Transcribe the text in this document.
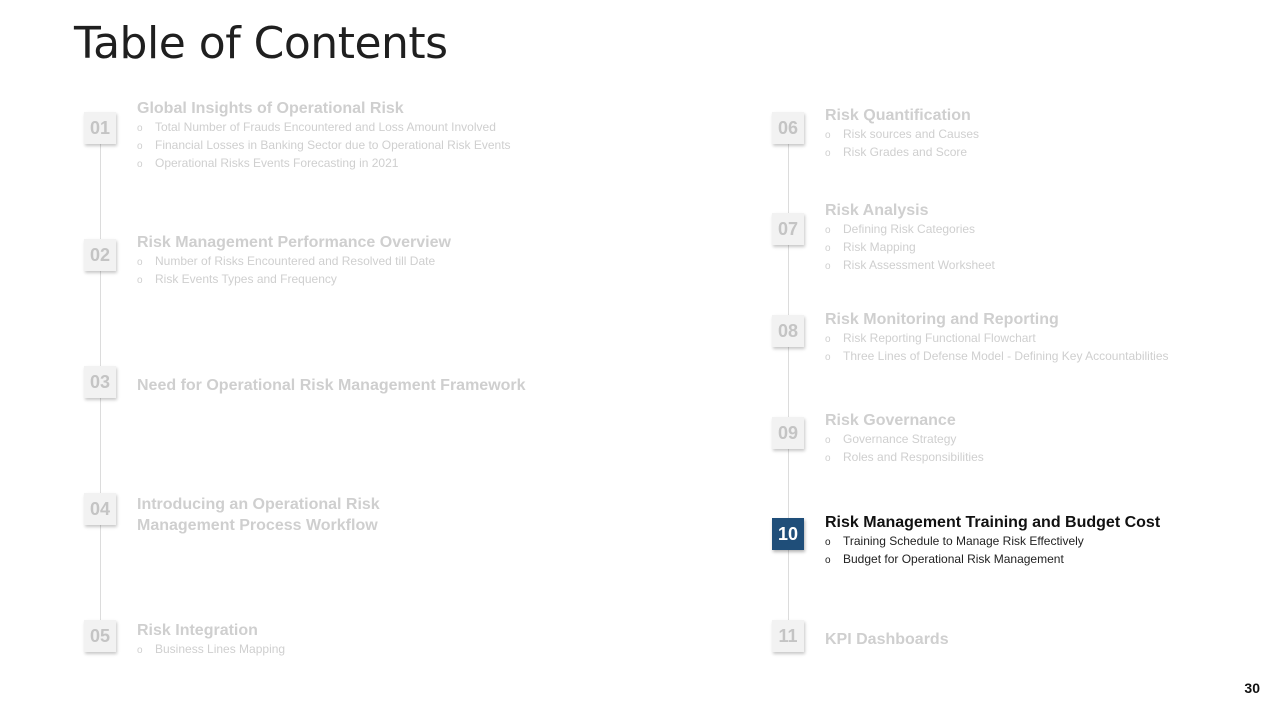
Table of Contents
01
Global Insights of Operational Risk
o Total Number of Frauds Encountered and Loss Amount Involved
o Financial Losses in Banking Sector due to Operational Risk Events
o Operational Risks Events Forecasting in 2021
02
Risk Management Performance Overview
o Number of Risks Encountered and Resolved till Date
o Risk Events Types and Frequency
03	Need for Operational Risk Management Framework
04	Introducing an Operational Risk
Management Process Workflow
05	Risk Integration
o Business Lines Mapping
06
Risk Quantification
o Risk sources and Causes
o Risk Grades and Score
07
Risk Analysis
o Defining Risk Categories
o Risk Mapping
o Risk Assessment Worksheet
08
Risk Monitoring and Reporting
o Risk Reporting Functional Flowchart
o Three Lines of Defense Model - Defining Key Accountabilities
09
Risk Governance
o Governance Strategy
o Roles and Responsibilities
10
Risk Management Training and Budget Cost
o Training Schedule to Manage Risk Effectively
o Budget for Operational Risk Management
11	KPI Dashboards
30
